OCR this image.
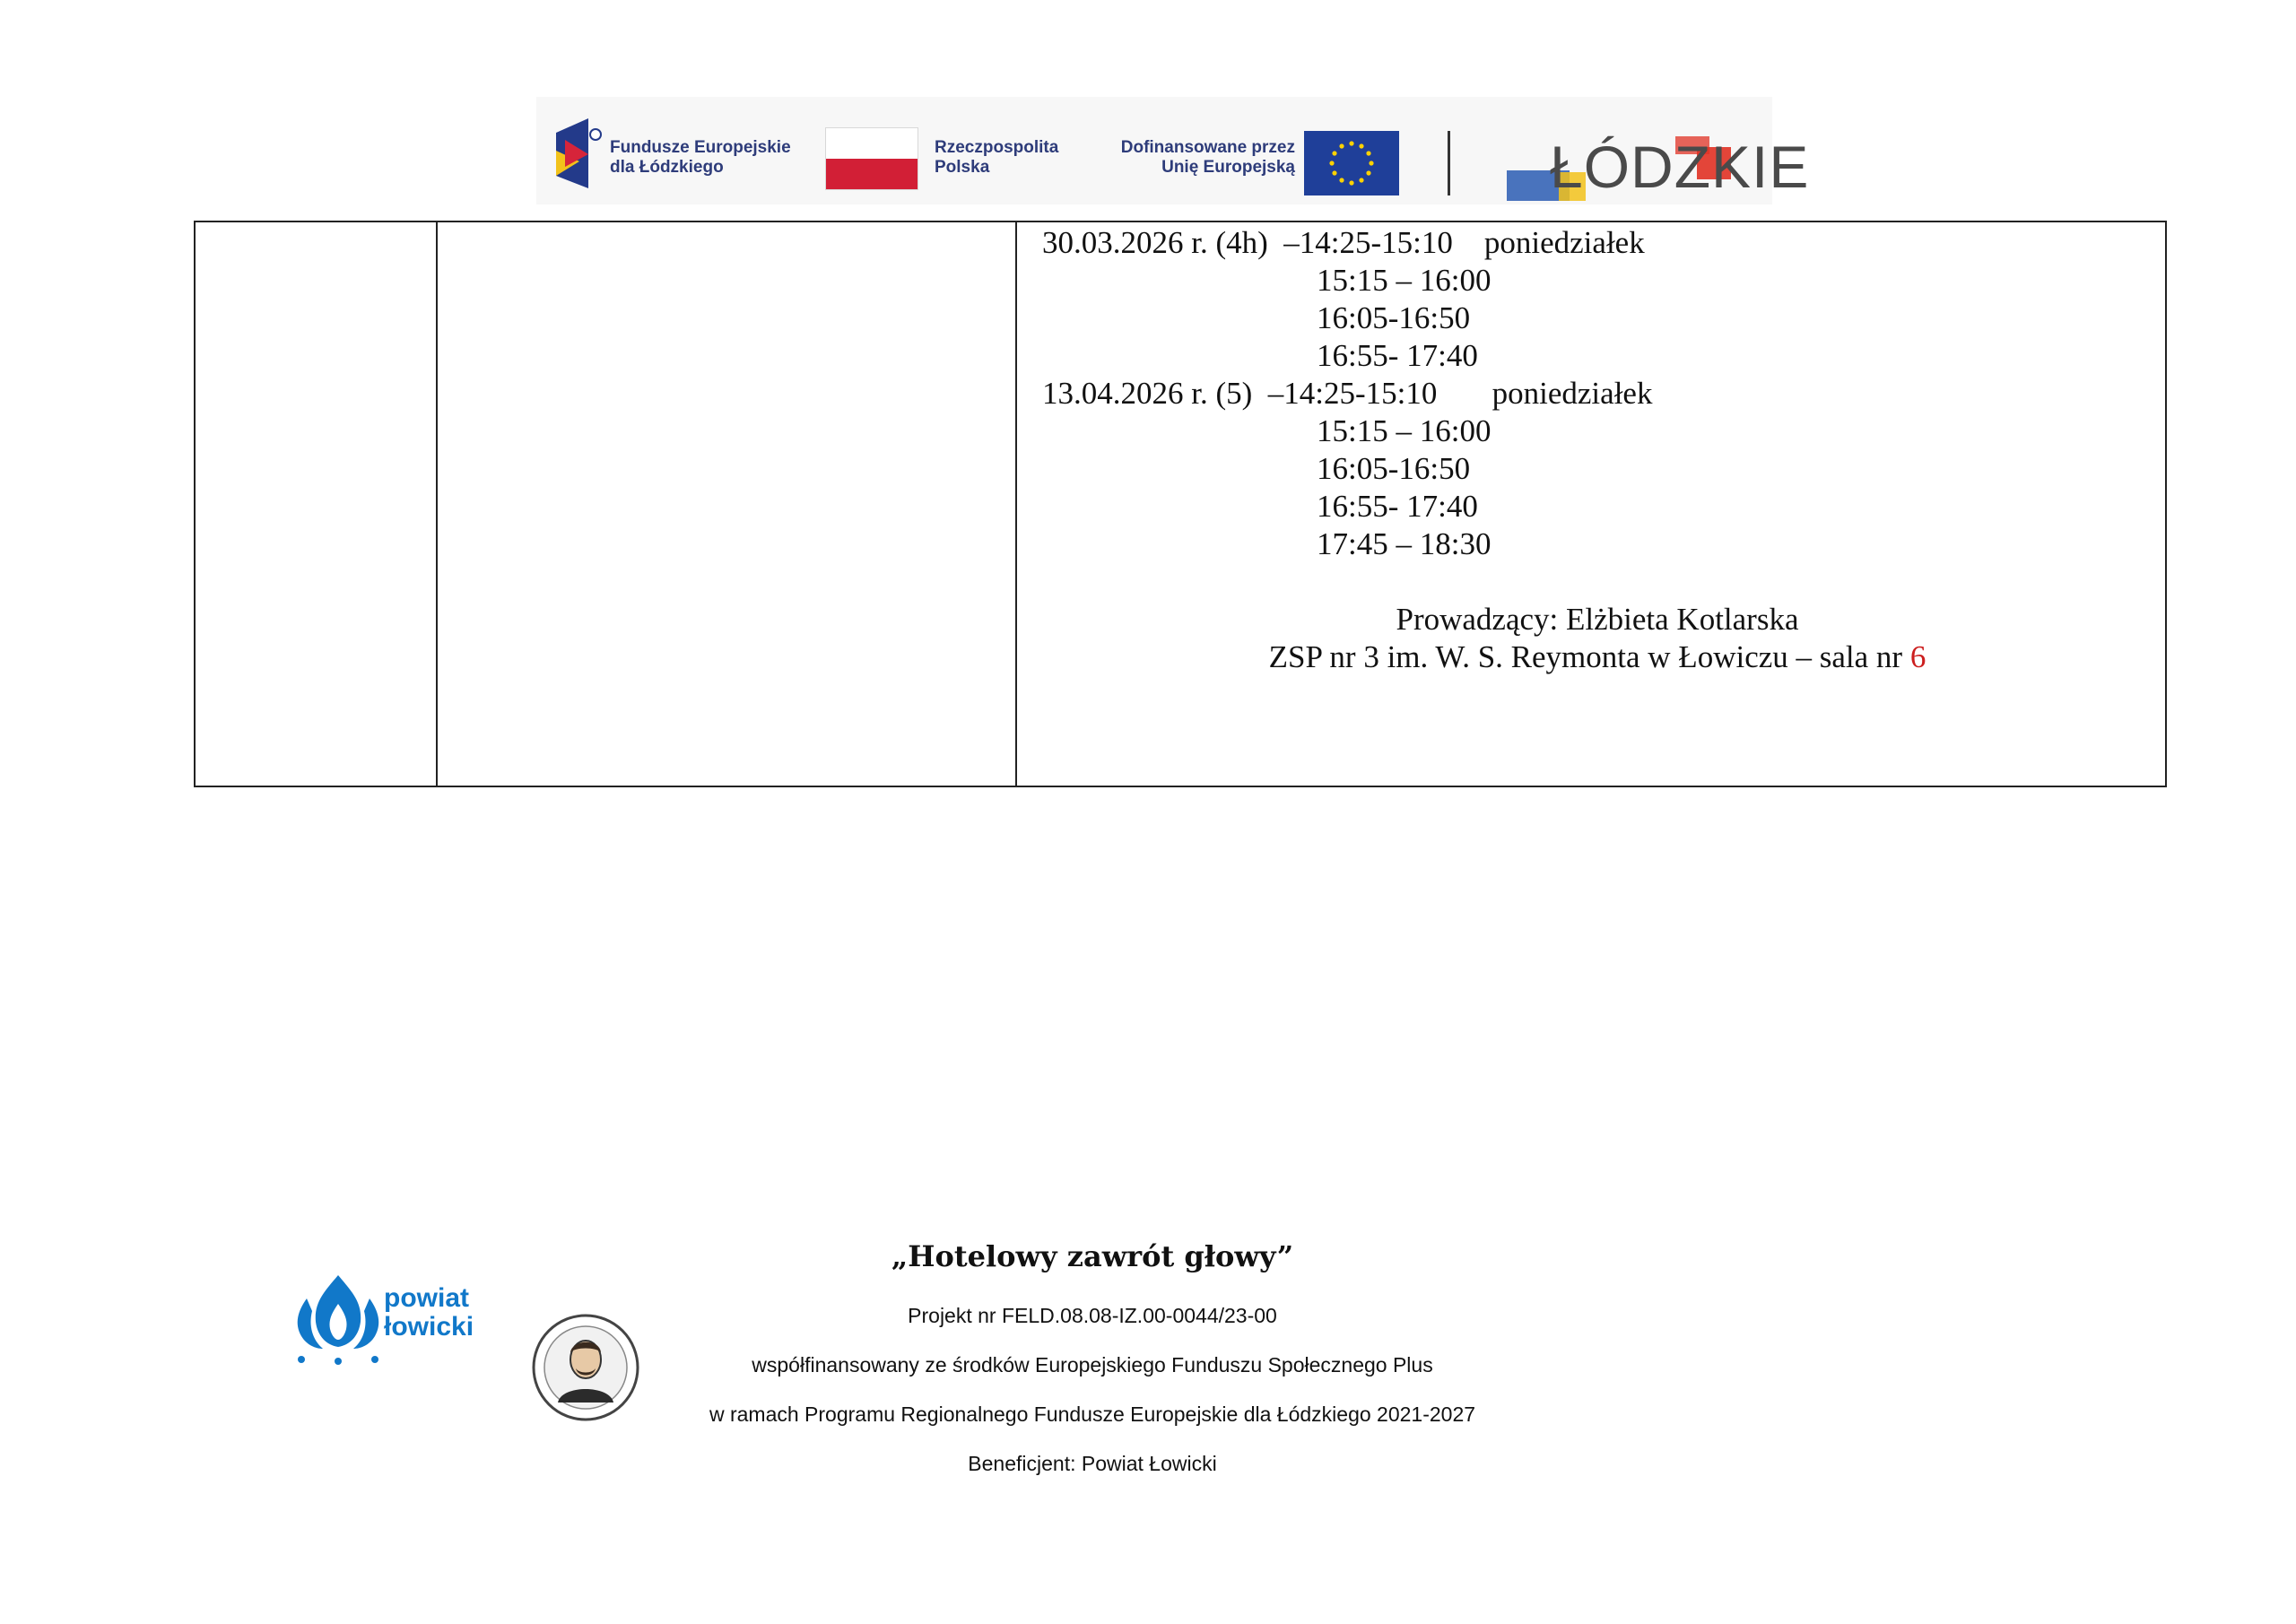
Fundusze Europejskie
dla Łódzkiego
Rzeczpospolita
Polska
Dofinansowane przez
Unię Europejską	ŁÓDZKIE
30.03.2026 r. (4h)  –14:25-15:10    poniedziałek
15:15 – 16:00
16:05-16:50
16:55- 17:40
13.04.2026 r. (5)  –14:25-15:10       poniedziałek
15:15 – 16:00
16:05-16:50
16:55- 17:40
17:45 – 18:30
Prowadzący: Elżbieta Kotlarska
ZSP nr 3 im. W. S. Reymonta w Łowiczu – sala nr 6
powiat
łowicki
„Hotelowy zawrót głowy”
Projekt nr FELD.08.08-IZ.00-0044/23-00
współfinansowany ze środków Europejskiego Funduszu Społecznego Plus
w ramach Programu Regionalnego Fundusze Europejskie dla Łódzkiego 2021-2027
Beneficjent: Powiat Łowicki
